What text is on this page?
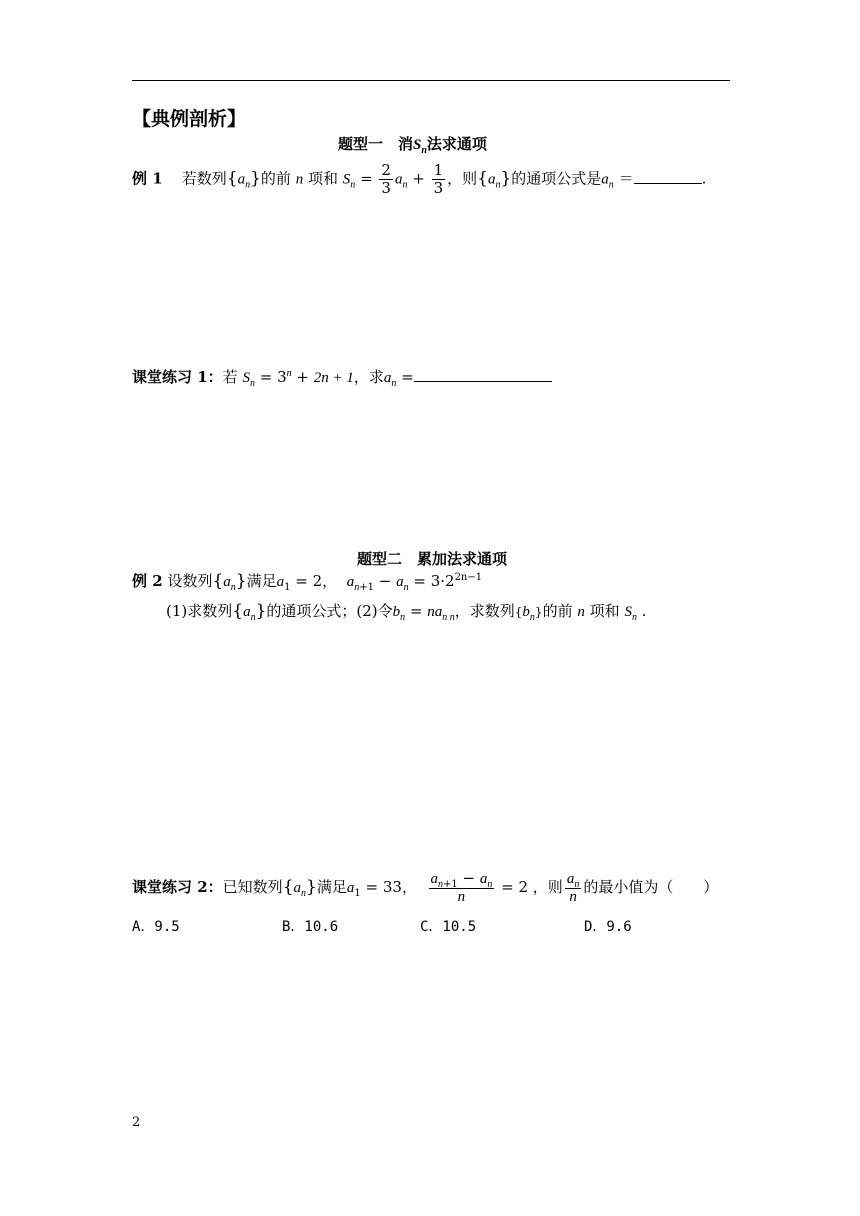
【典例剖析】
题型一　消$S_n$法求通项
例 1 若数列$\{a_n\}$的前 n 项和 $S_n = \frac{2}{3} a_n + \frac{1}{3}$ ，则$\{a_n\}$的通项公式是$a_n$ ＝	.
课堂练习 1：若 $S_n = 3^n + 2n + 1$，求$a_n$ =
题型二　累加法求通项
例 2 设数列$\{a_n\}$满足$a_1 = 2$， $a_{n+1} - a_n = 3\cdot 2^{2n-1}$
(1)求数列$\{a_n\}$的通项公式；(2)令$b_n = na_{n n}$，求数列$\{b_n\}$的前 n 项和 $S_n$ .
课堂练习 2：已知数列$\{a_n\}$满足$a_1 = 33$， $\frac{a_{n+1} - a_n}{n} = 2$ ，则 $\frac{a_n}{n}$ 的最小值为（　　）
A．9.5	B．10.6	C．10.5	D．9.6
2
